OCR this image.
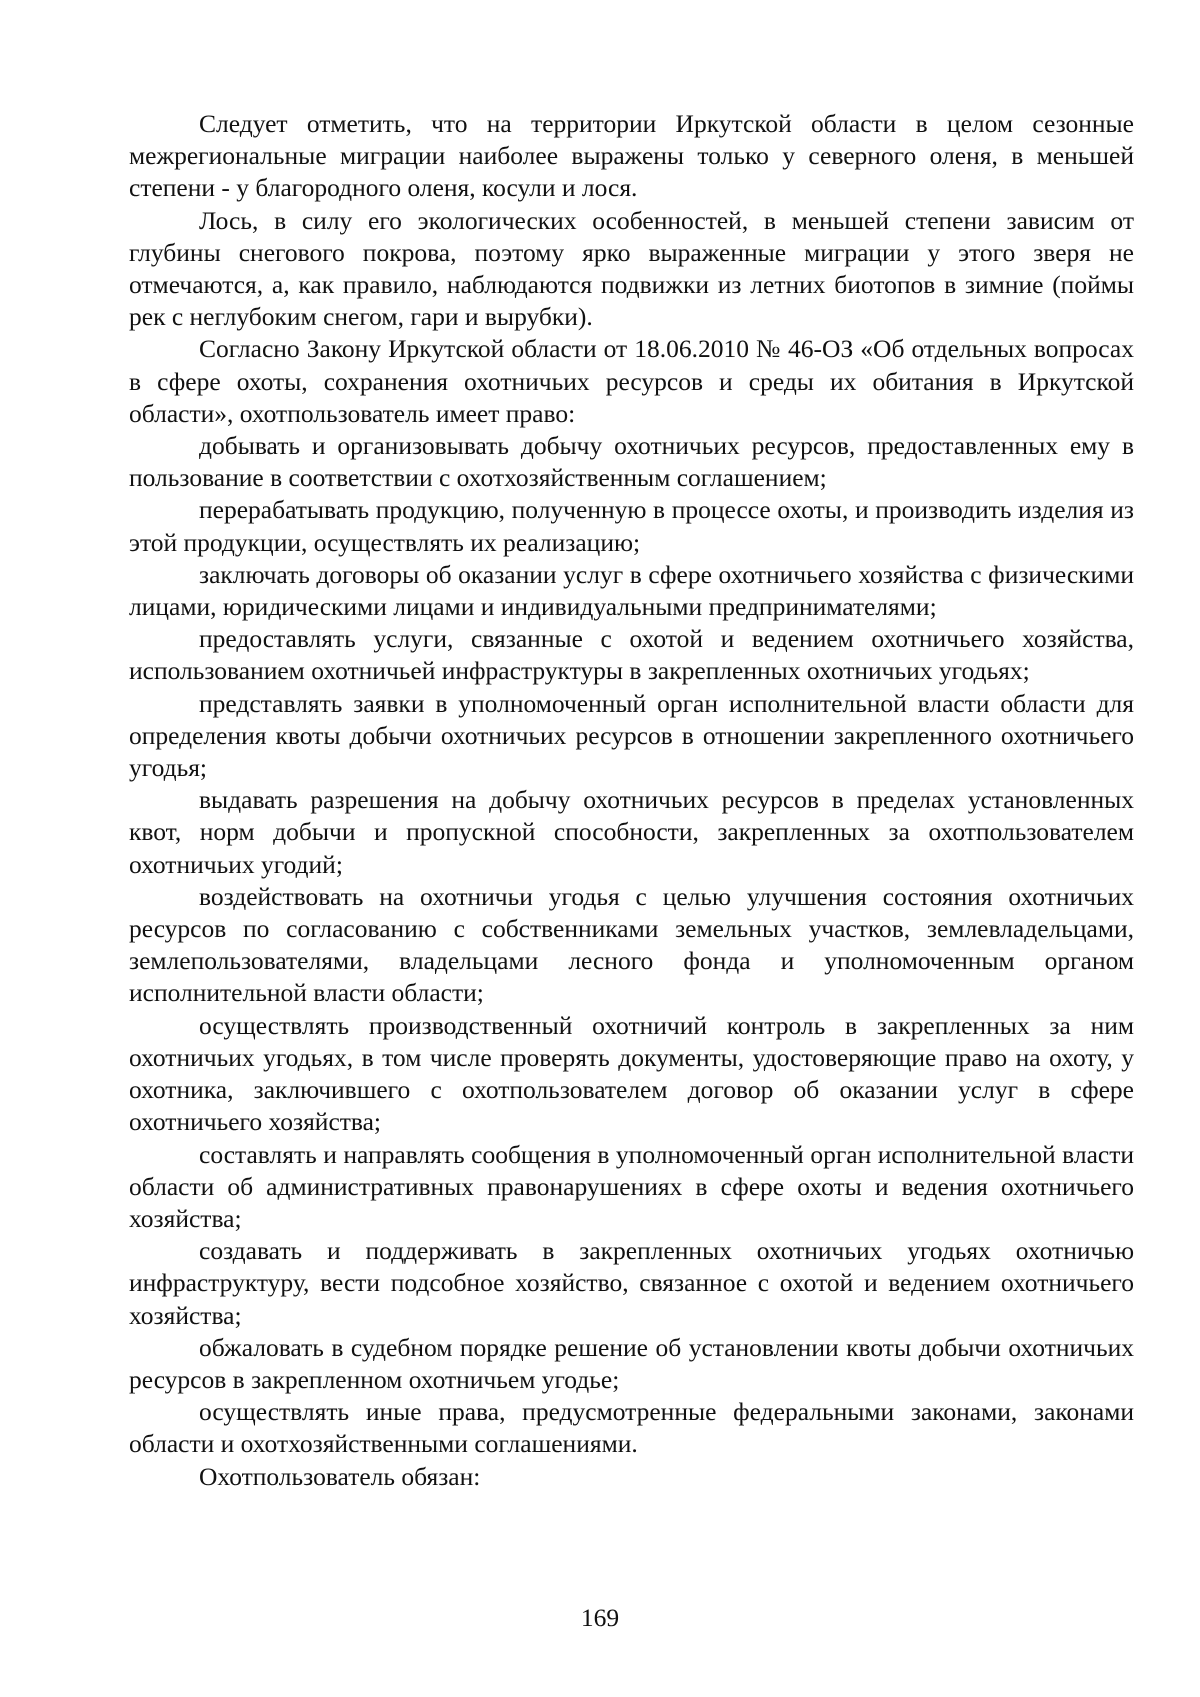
Следует отметить, что на территории Иркутской области в целом сезонные межрегиональные миграции наиболее выражены только у северного оленя, в меньшей степени - у благородного оленя, косули и лося.

Лось, в силу его экологических особенностей, в меньшей степени зависим от глубины снегового покрова, поэтому ярко выраженные миграции у этого зверя не отмечаются, а, как правило, наблюдаются подвижки из летних биотопов в зимние (поймы рек с неглубоким снегом, гари и вырубки).

Согласно Закону Иркутской области от 18.06.2010 № 46-ОЗ «Об отдельных вопросах в сфере охоты, сохранения охотничьих ресурсов и среды их обитания в Иркутской области», охотпользователь имеет право:

добывать и организовывать добычу охотничьих ресурсов, предоставленных ему в пользование в соответствии с охотхозяйственным соглашением;

перерабатывать продукцию, полученную в процессе охоты, и производить изделия из этой продукции, осуществлять их реализацию;

заключать договоры об оказании услуг в сфере охотничьего хозяйства с физическими лицами, юридическими лицами и индивидуальными предпринимателями;

предоставлять услуги, связанные с охотой и ведением охотничьего хозяйства, использованием охотничьей инфраструктуры в закрепленных охотничьих угодьях;

представлять заявки в уполномоченный орган исполнительной власти области для определения квоты добычи охотничьих ресурсов в отношении закрепленного охотничьего угодья;

выдавать разрешения на добычу охотничьих ресурсов в пределах установленных квот, норм добычи и пропускной способности, закрепленных за охотпользователем охотничьих угодий;

воздействовать на охотничьи угодья с целью улучшения состояния охотничьих ресурсов по согласованию с собственниками земельных участков, землевладельцами, землепользователями, владельцами лесного фонда и уполномоченным органом исполнительной власти области;

осуществлять производственный охотничий контроль в закрепленных за ним охотничьих угодьях, в том числе проверять документы, удостоверяющие право на охоту, у охотника, заключившего с охотпользователем договор об оказании услуг в сфере охотничьего хозяйства;

составлять и направлять сообщения в уполномоченный орган исполнительной власти области об административных правонарушениях в сфере охоты и ведения охотничьего хозяйства;

создавать и поддерживать в закрепленных охотничьих угодьях охотничью инфраструктуру, вести подсобное хозяйство, связанное с охотой и ведением охотничьего хозяйства;

обжаловать в судебном порядке решение об установлении квоты добычи охотничьих ресурсов в закрепленном охотничьем угодье;

осуществлять иные права, предусмотренные федеральными законами, законами области и охотхозяйственными соглашениями.

Охотпользователь обязан:

169
